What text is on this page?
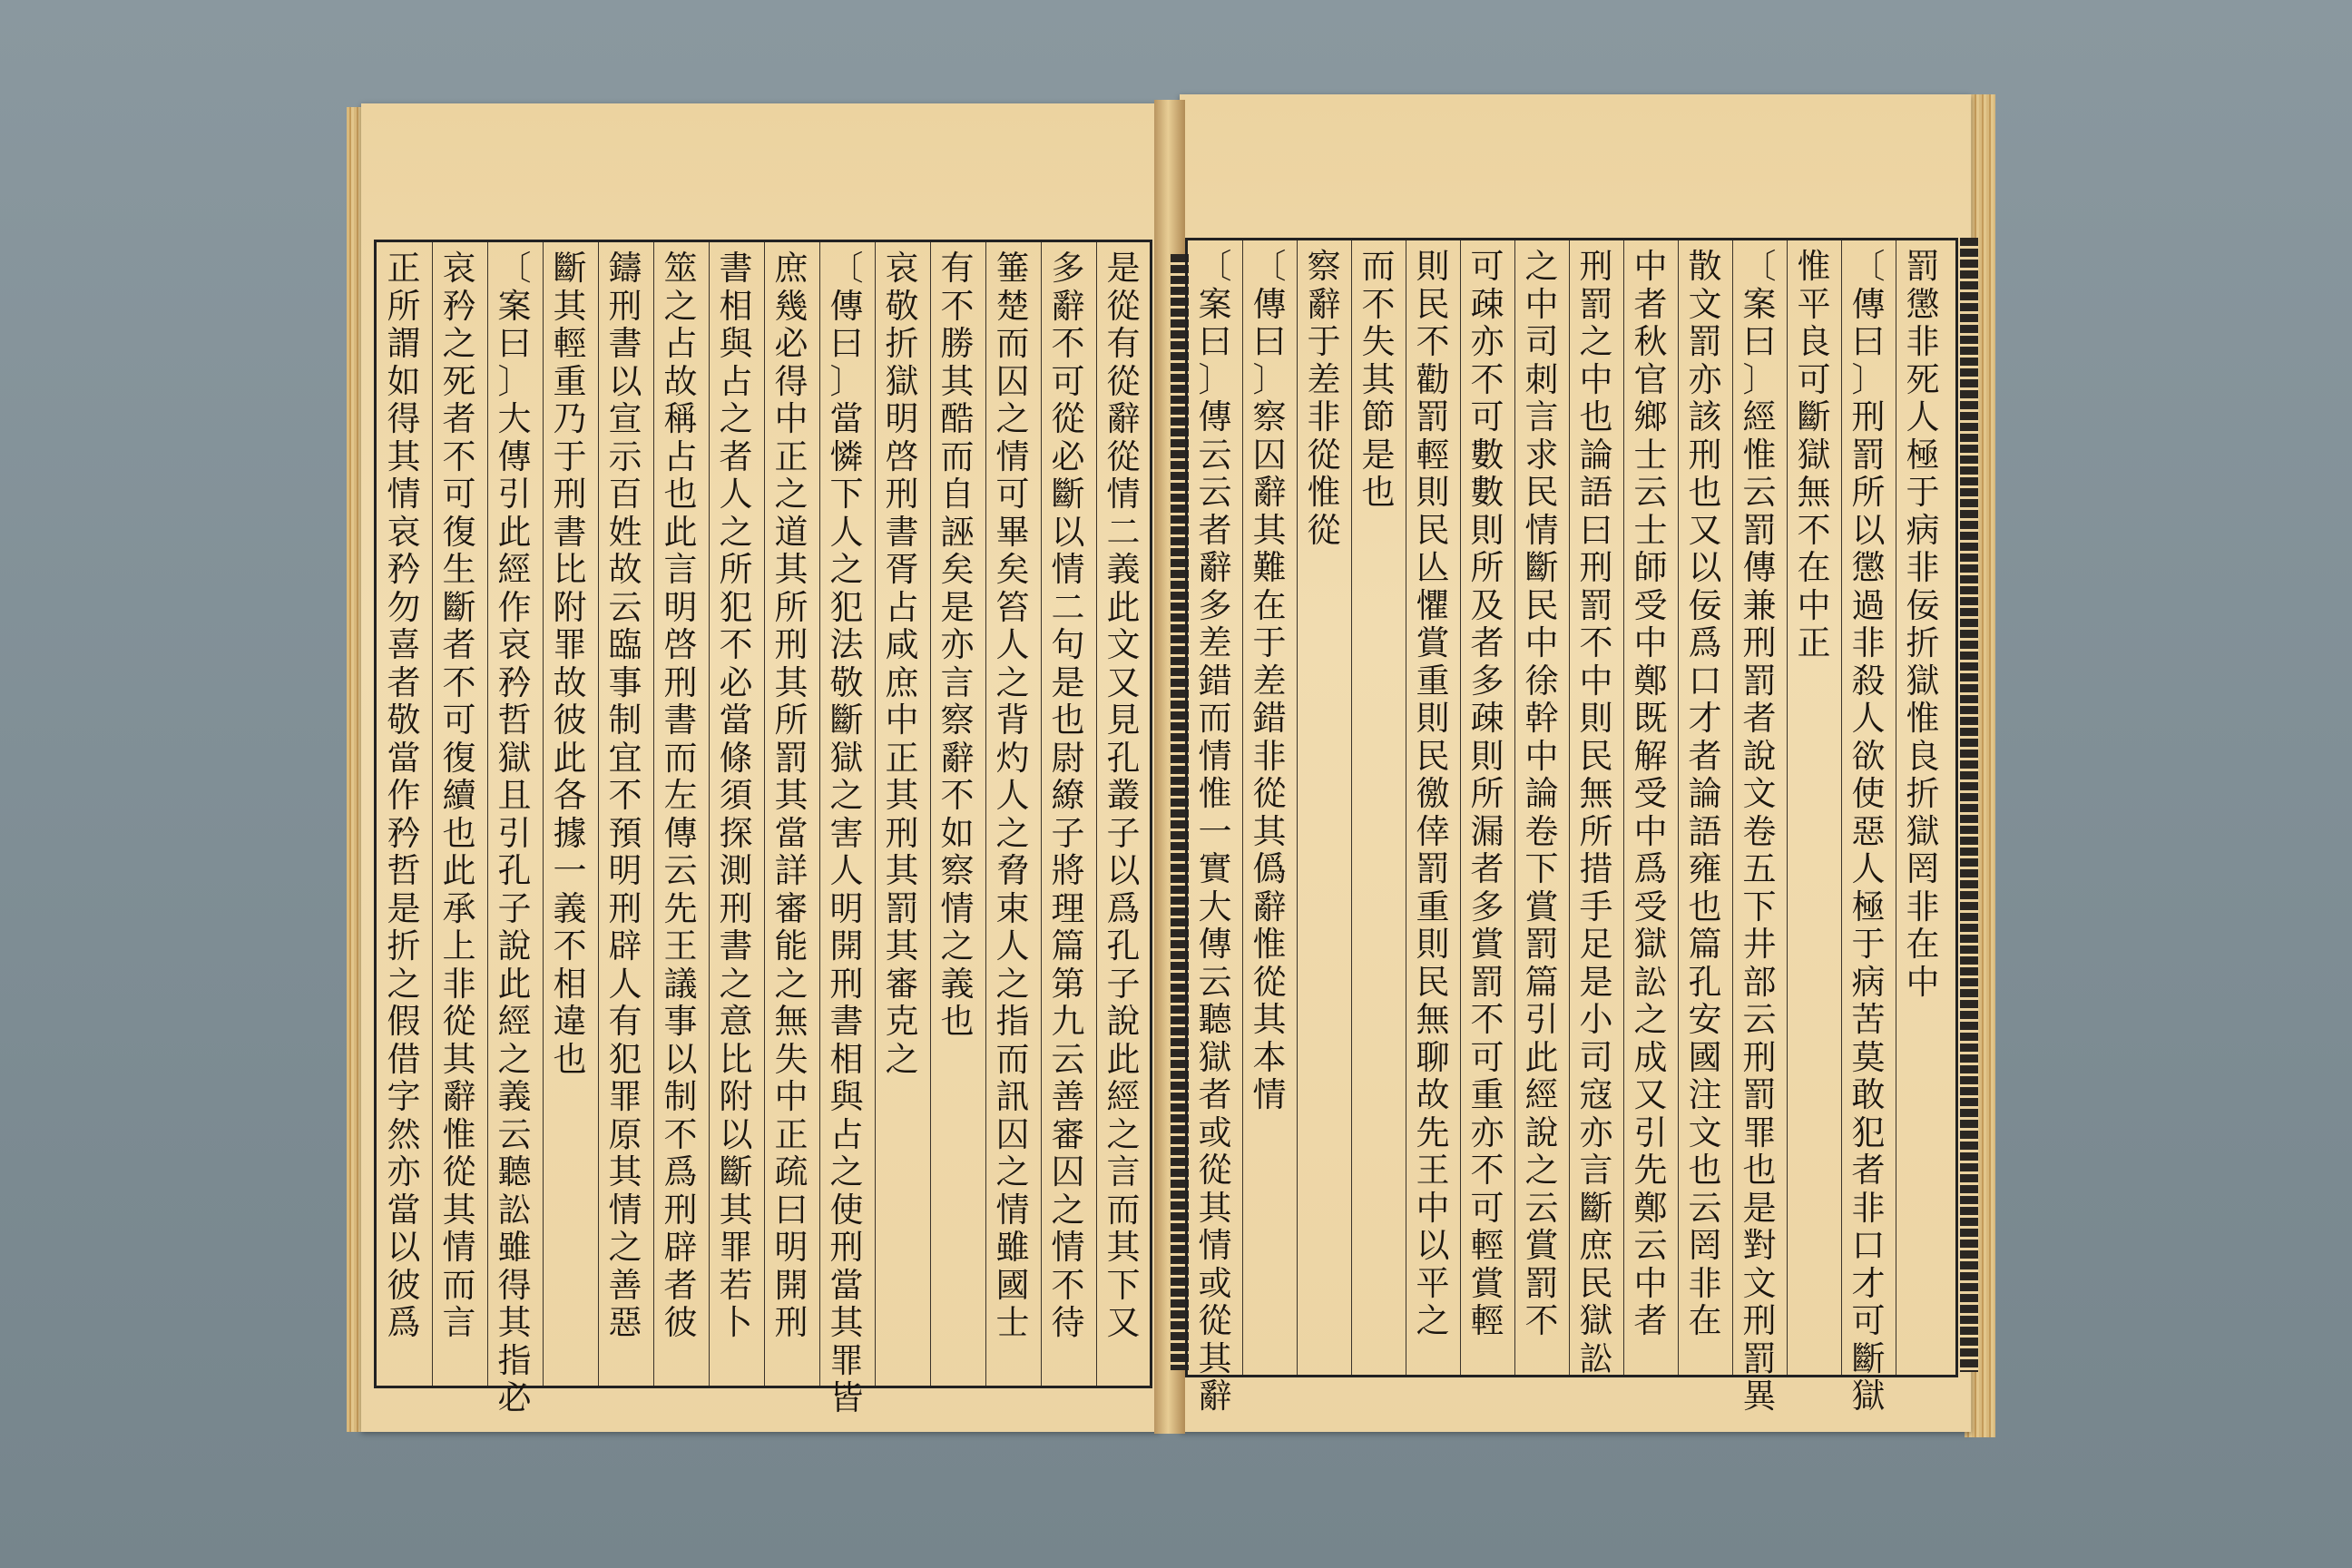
罰
懲
非
死
人
極
于
病
非
佞
折
獄
惟
良
折
獄
罔
非
在
中
〔
傳
曰
〕
刑
罰
所
以
懲
過
非
殺
人
欲
使
惡
人
極
于
病
苦
莫
敢
犯
者
非
口
才
可
斷
獄
惟
平
良
可
斷
獄
無
不
在
中
正
〔
案
曰
〕
經
惟
云
罰
傳
兼
刑
罰
者
說
文
卷
五
下
井
部
云
刑
罰
罪
也
是
對
文
刑
罰
異
散
文
罰
亦
該
刑
也
又
以
佞
爲
口
才
者
論
語
雍
也
篇
孔
安
國
注
文
也
云
罔
非
在
中
者
秋
官
鄉
士
云
士
師
受
中
鄭
既
解
受
中
爲
受
獄
訟
之
成
又
引
先
鄭
云
中
者
刑
罰
之
中
也
論
語
曰
刑
罰
不
中
則
民
無
所
措
手
足
是
小
司
寇
亦
言
斷
庶
民
獄
訟
之
中
司
刺
言
求
民
情
斷
民
中
徐
幹
中
論
卷
下
賞
罰
篇
引
此
經
說
之
云
賞
罰
不
可
疎
亦
不
可
數
數
則
所
及
者
多
疎
則
所
漏
者
多
賞
罰
不
可
重
亦
不
可
輕
賞
輕
則
民
不
勸
罰
輕
則
民
亾
懼
賞
重
則
民
徼
倖
罰
重
則
民
無
聊
故
先
王
中
以
平
之
而
不
失
其
節
是
也
察
辭
于
差
非
從
惟
從
〔
傳
曰
〕
察
囚
辭
其
難
在
于
差
錯
非
從
其
僞
辭
惟
從
其
本
情
〔
案
曰
〕
傳
云
云
者
辭
多
差
錯
而
情
惟
一
實
大
傳
云
聽
獄
者
或
從
其
情
或
從
其
辭
是
從
有
從
辭
從
情
二
義
此
文
又
見
孔
叢
子
以
爲
孔
子
說
此
經
之
言
而
其
下
又
多
辭
不
可
從
必
斷
以
情
二
句
是
也
尉
繚
子
將
理
篇
第
九
云
善
審
囚
之
情
不
待
箠
楚
而
囚
之
情
可
畢
矣
笞
人
之
背
灼
人
之
脅
束
人
之
指
而
訊
囚
之
情
雖
國
士
有
不
勝
其
酷
而
自
誣
矣
是
亦
言
察
辭
不
如
察
情
之
義
也
哀
敬
折
獄
明
啓
刑
書
胥
占
咸
庶
中
正
其
刑
其
罰
其
審
克
之
〔
傳
曰
〕
當
憐
下
人
之
犯
法
敬
斷
獄
之
害
人
明
開
刑
書
相
與
占
之
使
刑
當
其
罪
皆
庶
幾
必
得
中
正
之
道
其
所
刑
其
所
罰
其
當
詳
審
能
之
無
失
中
正
疏
曰
明
開
刑
書
相
與
占
之
者
人
之
所
犯
不
必
當
條
須
探
測
刑
書
之
意
比
附
以
斷
其
罪
若
卜
筮
之
占
故
稱
占
也
此
言
明
啓
刑
書
而
左
傳
云
先
王
議
事
以
制
不
爲
刑
辟
者
彼
鑄
刑
書
以
宣
示
百
姓
故
云
臨
事
制
宜
不
預
明
刑
辟
人
有
犯
罪
原
其
情
之
善
惡
斷
其
輕
重
乃
于
刑
書
比
附
罪
故
彼
此
各
據
一
義
不
相
違
也
〔
案
曰
〕
大
傳
引
此
經
作
哀
矜
哲
獄
且
引
孔
子
說
此
經
之
義
云
聽
訟
雖
得
其
指
必
哀
矜
之
死
者
不
可
復
生
斷
者
不
可
復
續
也
此
承
上
非
從
其
辭
惟
從
其
情
而
言
正
所
謂
如
得
其
情
哀
矜
勿
喜
者
敬
當
作
矜
哲
是
折
之
假
借
字
然
亦
當
以
彼
爲
